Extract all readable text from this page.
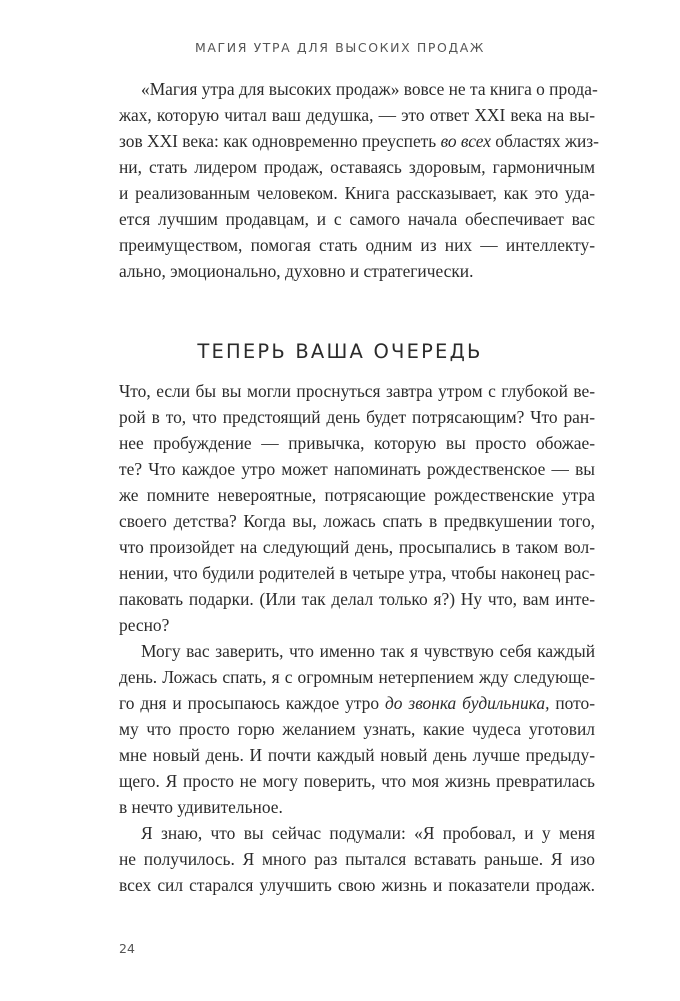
МАГИЯ УТРА ДЛЯ ВЫСОКИХ ПРОДАЖ
«Магия утра для высоких продаж» вовсе не та книга о прода-
жах, которую читал ваш дедушка, — это ответ XXI века на вы-
зов XXI века: как одновременно преуспеть во всех областях жиз-
ни, стать лидером продаж, оставаясь здоровым, гармоничным
и реализованным человеком. Книга рассказывает, как это уда-
ется лучшим продавцам, и с самого начала обеспечивает вас
преимуществом, помогая стать одним из них — интеллекту-
ально, эмоционально, духовно и стратегически.
ТЕПЕРЬ ВАША ОЧЕРЕДЬ
Что, если бы вы могли проснуться завтра утром с глубокой ве-
рой в то, что предстоящий день будет потрясающим? Что ран-
нее пробуждение — привычка, которую вы просто обожае-
те? Что каждое утро может напоминать рождественское — вы
же помните невероятные, потрясающие рождественские утра
своего детства? Когда вы, ложась спать в предвкушении того,
что произойдет на следующий день, просыпались в таком вол-
нении, что будили родителей в четыре утра, чтобы наконец рас-
паковать подарки. (Или так делал только я?) Ну что, вам инте-
ресно?
Могу вас заверить, что именно так я чувствую себя каждый
день. Ложась спать, я с огромным нетерпением жду следующе-
го дня и просыпаюсь каждое утро до звонка будильника, пото-
му что просто горю желанием узнать, какие чудеса уготовил
мне новый день. И почти каждый новый день лучше предыду-
щего. Я просто не могу поверить, что моя жизнь превратилась
в нечто удивительное.
Я знаю, что вы сейчас подумали: «Я пробовал, и у меня
не получилось. Я много раз пытался вставать раньше. Я изо
всех сил старался улучшить свою жизнь и показатели продаж.
24
